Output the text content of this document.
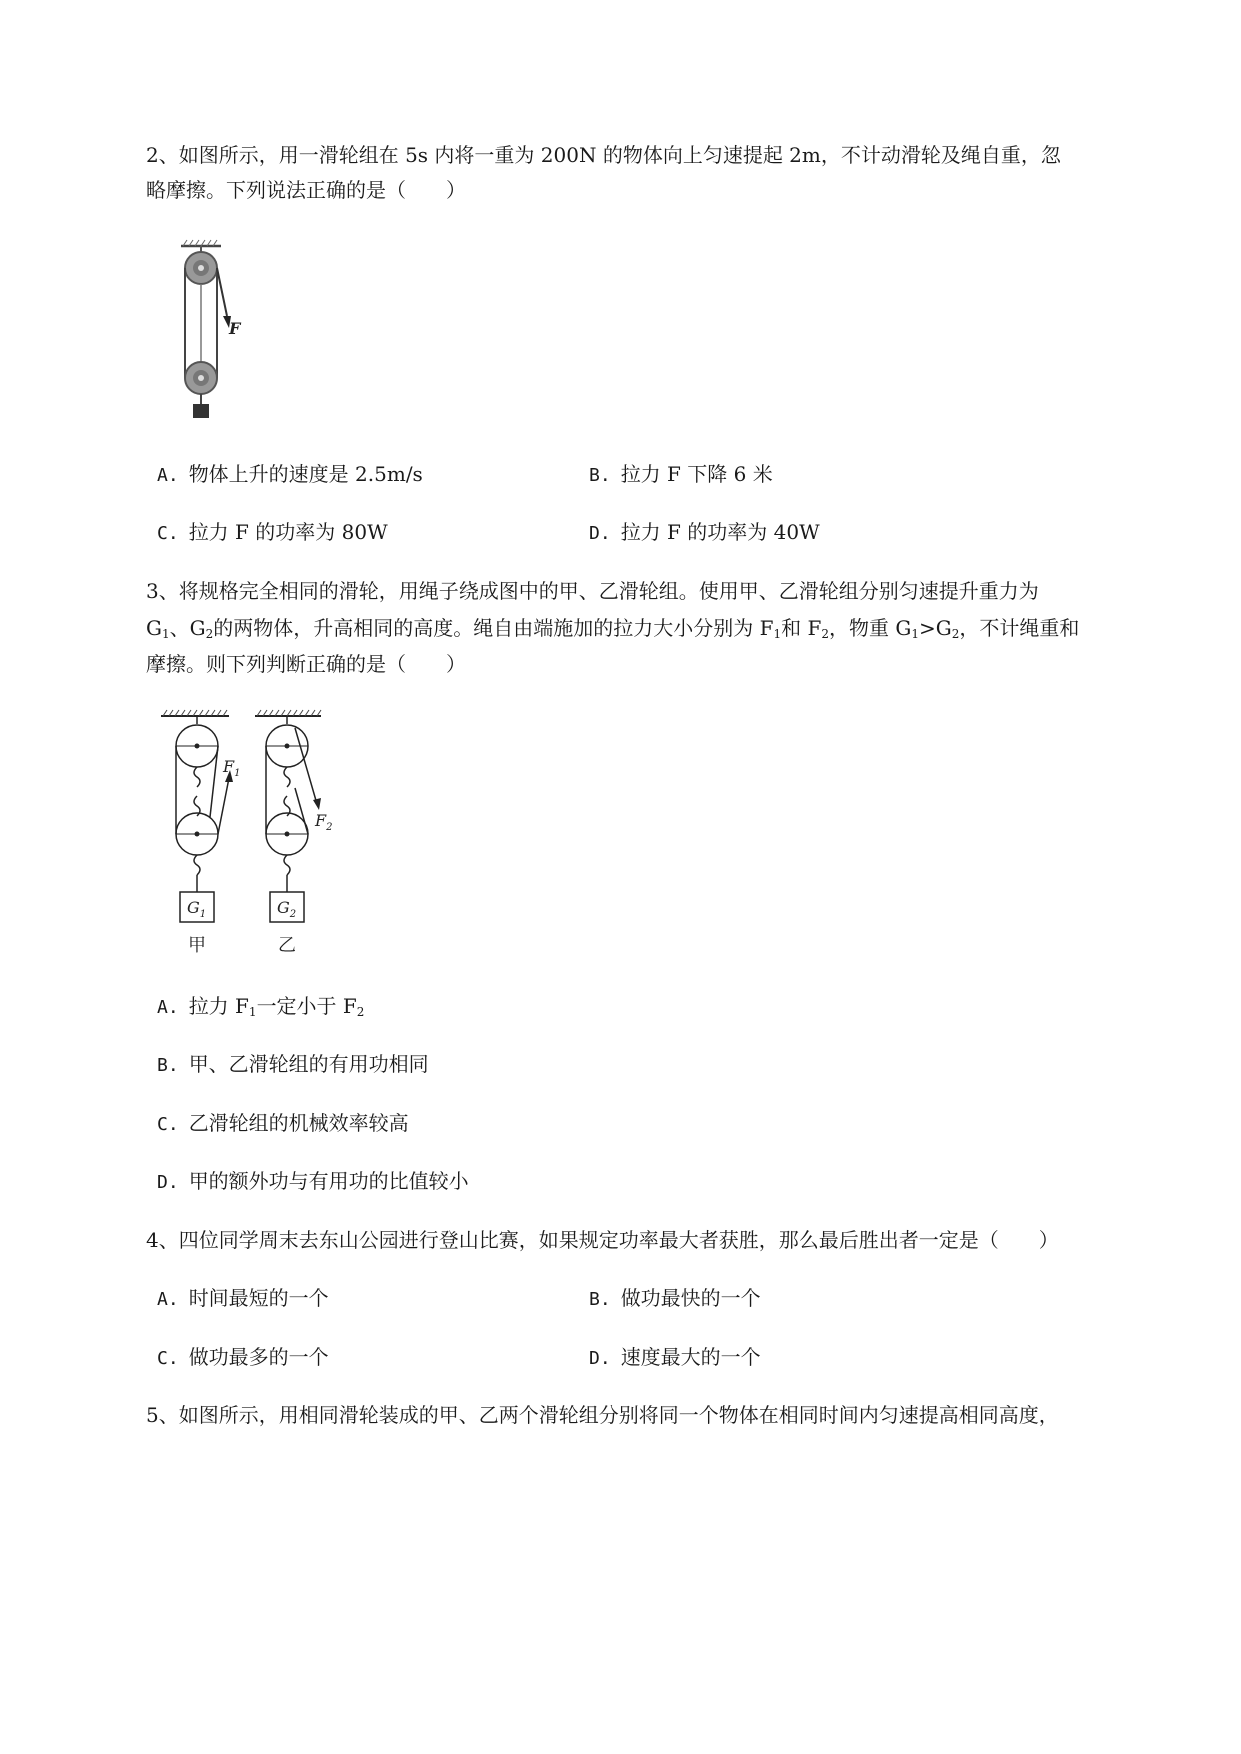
2、如图所示，用一滑轮组在 5s 内将一重为 200N 的物体向上匀速提起 2m，不计动滑轮及绳自重，忽
略摩擦。下列说法正确的是（　　）
F
A. 物体上升的速度是 2.5m/s	B. 拉力 F 下降 6 米
C. 拉力 F 的功率为 80W	D. 拉力 F 的功率为 40W
3、将规格完全相同的滑轮，用绳子绕成图中的甲、乙滑轮组。使用甲、乙滑轮组分别匀速提升重力为
$G_1$、$G_2$的两物体，升高相同的高度。绳自由端施加的拉力大小分别为 $F_1$和 $F_2$，物重 $G_1>G_2$，不计绳重和
摩擦。则下列判断正确的是（　　）
$F_1$
$G_1$
甲
$F_2$
$G_2$
乙
A. 拉力 $F_1$一定小于 $F_2$
B. 甲、乙滑轮组的有用功相同
C. 乙滑轮组的机械效率较高
D. 甲的额外功与有用功的比值较小
4、四位同学周末去东山公园进行登山比赛，如果规定功率最大者获胜，那么最后胜出者一定是（　　）
A. 时间最短的一个	B. 做功最快的一个
C. 做功最多的一个	D. 速度最大的一个
5、如图所示，用相同滑轮装成的甲、乙两个滑轮组分别将同一个物体在相同时间内匀速提高相同高度，
